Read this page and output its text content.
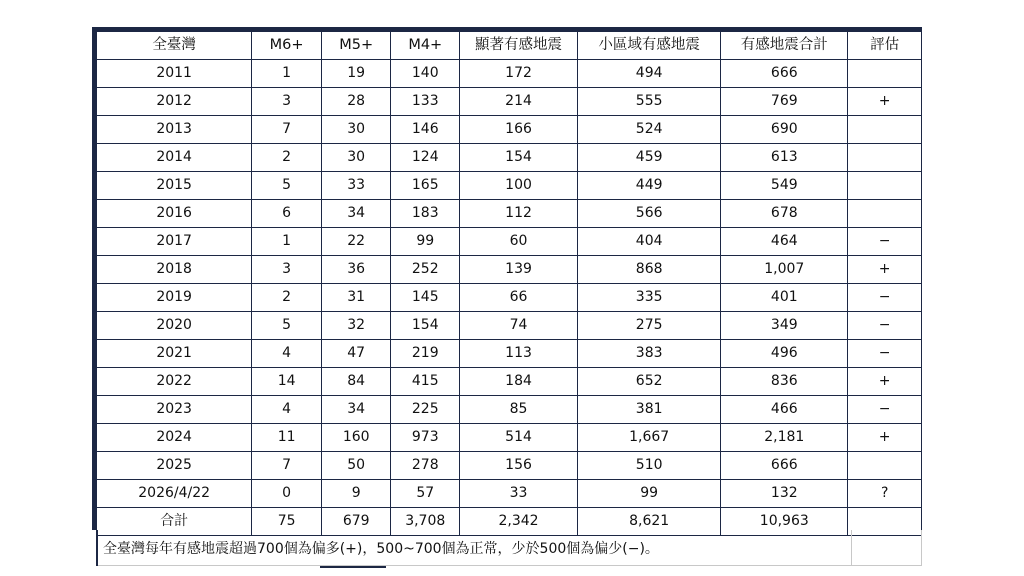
全臺灣	M6+	M5+	M4+	顯著有感地震	小區域有感地震	有感地震合計	評估
2011	1	19	140	172	494	666	
2012	3	28	133	214	555	769	+
2013	7	30	146	166	524	690	
2014	2	30	124	154	459	613	
2015	5	33	165	100	449	549	
2016	6	34	183	112	566	678	
2017	1	22	99	60	404	464	−
2018	3	36	252	139	868	1,007	+
2019	2	31	145	66	335	401	−
2020	5	32	154	74	275	349	−
2021	4	47	219	113	383	496	−
2022	14	84	415	184	652	836	+
2023	4	34	225	85	381	466	−
2024	11	160	973	514	1,667	2,181	+
2025	7	50	278	156	510	666	
2026/4/22	0	9	57	33	99	132	?
合計	75	679	3,708	2,342	8,621	10,963	
全臺灣每年有感地震超過700個為偏多(+)，500~700個為正常，少於500個為偏少(−)。
